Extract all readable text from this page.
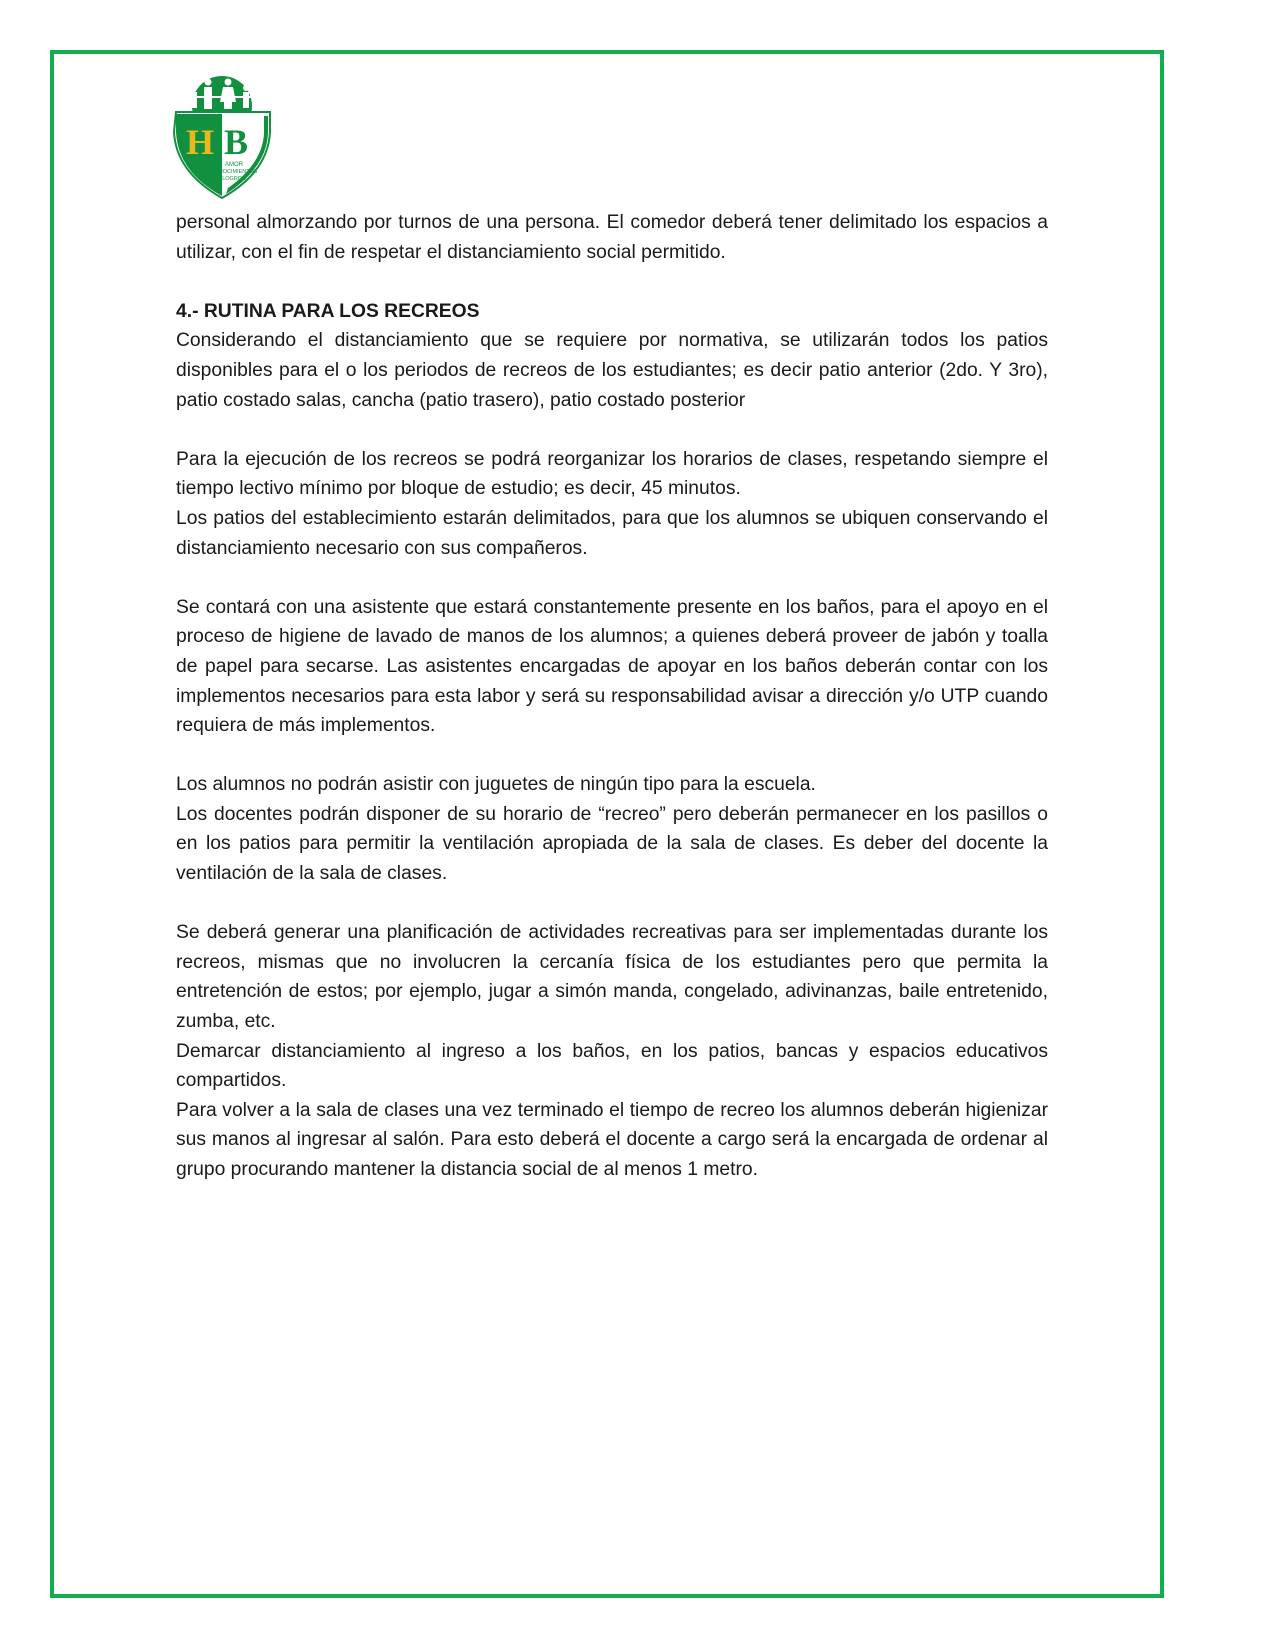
H B
AMOR
CONOCIMIENTOS
LOGROS

personal almorzando por turnos de una persona. El comedor deberá tener delimitado los espacios a utilizar, con el fin de respetar el distanciamiento social permitido.

4.- RUTINA PARA LOS RECREOS

Considerando el distanciamiento que se requiere por normativa, se utilizarán todos los patios disponibles para el o los periodos de recreos de los estudiantes; es decir patio anterior (2do. Y 3ro), patio costado salas, cancha (patio trasero), patio costado posterior

Para la ejecución de los recreos se podrá reorganizar los horarios de clases, respetando siempre el tiempo lectivo mínimo por bloque de estudio; es decir, 45 minutos.

Los patios del establecimiento estarán delimitados, para que los alumnos se ubiquen conservando el distanciamiento necesario con sus compañeros.

Se contará con una asistente que estará constantemente presente en los baños, para el apoyo en el proceso de higiene de lavado de manos de los alumnos; a quienes deberá proveer de jabón y toalla de papel para secarse. Las asistentes encargadas de apoyar en los baños deberán contar con los implementos necesarios para esta labor y será su responsabilidad avisar a dirección y/o UTP cuando requiera de más implementos.

Los alumnos no podrán asistir con juguetes de ningún tipo para la escuela.

Los docentes podrán disponer de su horario de “recreo” pero deberán permanecer en los pasillos o en los patios para permitir la ventilación apropiada de la sala de clases. Es deber del docente la ventilación de la sala de clases.

Se deberá generar una planificación de actividades recreativas para ser implementadas durante los recreos, mismas que no involucren la cercanía física de los estudiantes pero que permita la entretención de estos; por ejemplo, jugar a simón manda, congelado, adivinanzas, baile entretenido, zumba, etc.

Demarcar distanciamiento al ingreso a los baños, en los patios, bancas y espacios educativos compartidos.

Para volver a la sala de clases una vez terminado el tiempo de recreo los alumnos deberán higienizar sus manos al ingresar al salón. Para esto deberá el docente a cargo será la encargada de ordenar al grupo procurando mantener la distancia social de al menos 1 metro.
